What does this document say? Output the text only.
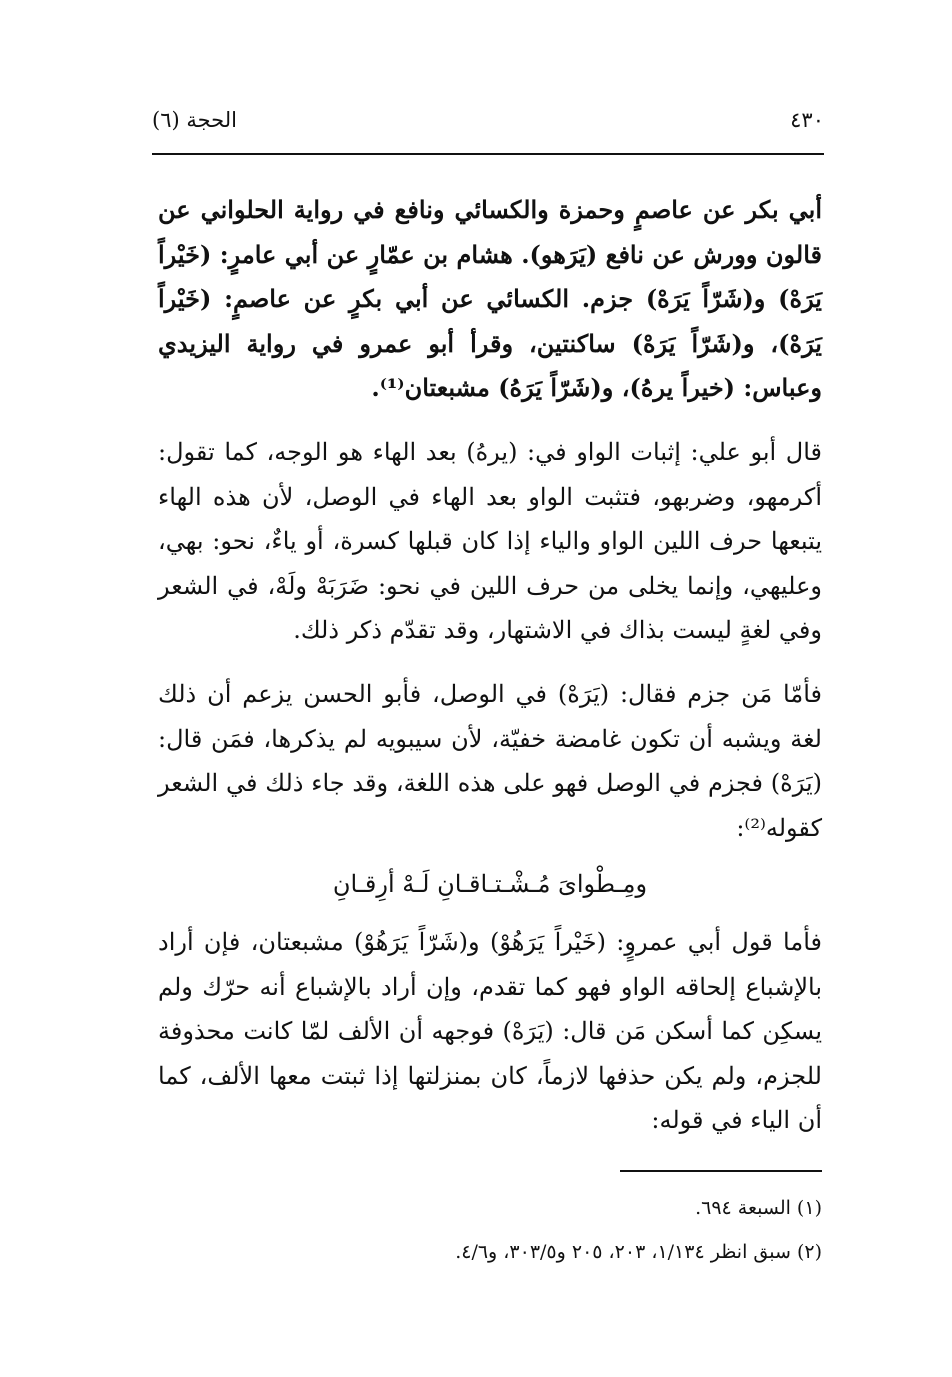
٤٣٠
الحجة (٦)

أبي بكر عن عاصمٍ وحمزة والكسائي ونافع في رواية الحلواني عن قالون وورش عن نافع (يَرَهو). هشام بن عمّارٍ عن أبي عامرٍ: (خَيْراً يَرَهْ) و(شَرّاً يَرَهْ) جزم. الكسائي عن أبي بكرٍ عن عاصمٍ: (خَيْراً يَرَهْ)، و(شَرّاً يَرَهْ) ساكنتين، وقرأ أبو عمرو في رواية اليزيدي وعباس: (خيراً يرهُ)، و(شَرّاً يَرَهُ) مشبعتان⁽¹⁾.

قال أبو علي: إثبات الواو في: (يرهُ) بعد الهاء هو الوجه، كما تقول: أكرمهو، وضربهو، فتثبت الواو بعد الهاء في الوصل، لأن هذه الهاء يتبعها حرف اللين الواو والياء إذا كان قبلها كسرة، أو ياءٌ، نحو: بهي، وعليهي، وإنما يخلى من حرف اللين في نحو: ضَرَبَهْ ولَهْ، في الشعر وفي لغةٍ ليست بذاك في الاشتهار، وقد تقدّم ذكر ذلك.

فأمّا مَن جزم فقال: (يَرَهْ) في الوصل، فأبو الحسن يزعم أن ذلك لغة ويشبه أن تكون غامضة خفيّة، لأن سيبويه لم يذكرها، فمَن قال: (يَرَهْ) فجزم في الوصل فهو على هذه اللغة، وقد جاء ذلك في الشعر كقوله⁽²⁾:

ومِـطْواىَ مُـشْـتـاقـانِ لَـهْ أرِقـانِ

فأما قول أبي عمروٍ: (خَيْراً يَرَهُوْ) و(شَرّاً يَرَهُوْ) مشبعتان، فإن أراد بالإشباع إلحاقه الواو فهو كما تقدم، وإن أراد بالإشباع أنه حرّك ولم يسكِن كما أسكن مَن قال: (يَرَهْ) فوجهه أن الألف لمّا كانت محذوفة للجزم، ولم يكن حذفها لازماً، كان بمنزلتها إذا ثبتت معها الألف، كما أن الياء في قوله:

(١) السبعة ٦٩٤.
(٢) سبق انظر ١/١٣٤، ٢٠٣، ٢٠٥ و٣٠٣/٥، و٤/٦.
